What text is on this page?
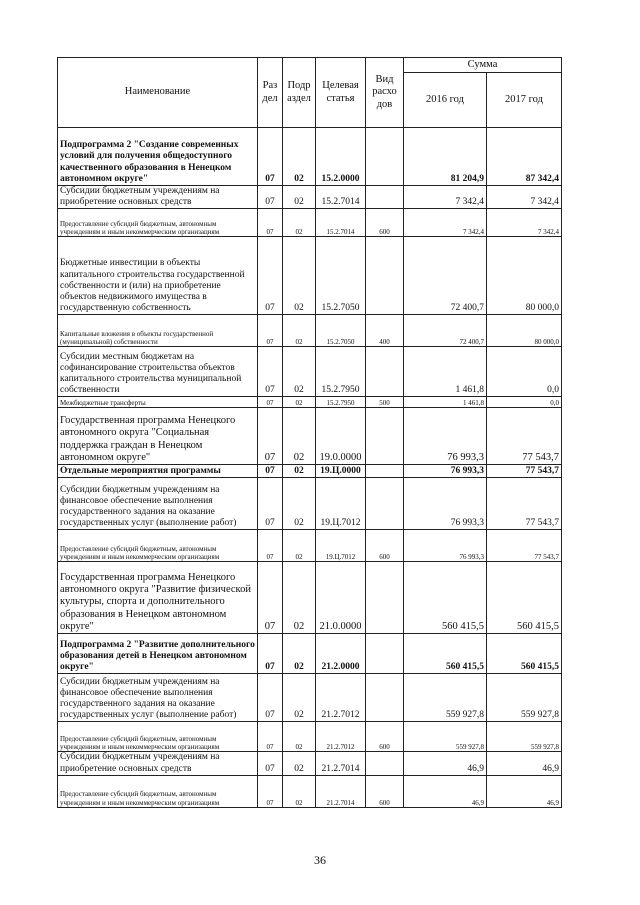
Наименование	Раз дел	Подр аздел	Целевая статья	Вид расхо дов	Сумма	
					2016 год	2017 год
Подпрограмма 2 "Создание современных условий для получения общедоступного качественного образования в Ненецком автономном округе"	07	02	15.2.0000		81 204,9	87 342,4
Субсидии бюджетным учреждениям на приобретение основных средств	07	02	15.2.7014		7 342,4	7 342,4
Предоставление субсидий бюджетным, автономным учреждениям и иным некоммерческим организациям	07	02	15.2.7014	600	7 342,4	7 342,4
Бюджетные инвестиции в объекты капитального строительства государственной собственности и (или) на приобретение объектов недвижимого имущества в государственную собственность	07	02	15.2.7050		72 400,7	80 000,0
Капитальные вложения в объекты государственной (муниципальной) собственности	07	02	15.2.7050	400	72 400,7	80 000,0
Субсидии местным бюджетам на софинансирование строительства объектов капитального строительства муниципальной собственности	07	02	15.2.7950		1 461,8	0,0
Межбюджетные трансферты	07	02	15.2.7950	500	1 461,8	0,0
Государственная программа Ненецкого автономного округа "Социальная поддержка граждан в Ненецком автономном округе"	07	02	19.0.0000		76 993,3	77 543,7
Отдельные мероприятия программы	07	02	19.Ц.0000		76 993,3	77 543,7
Субсидии бюджетным учреждениям на финансовое обеспечение выполнения государственного задания на оказание государственных услуг (выполнение работ)	07	02	19.Ц.7012		76 993,3	77 543,7
Предоставление субсидий бюджетным, автономным учреждениям и иным некоммерческим организациям	07	02	19.Ц.7012	600	76 993,3	77 543,7
Государственная программа Ненецкого автономного округа "Развитие физической культуры, спорта и дополнительного образования в Ненецком автономном округе"	07	02	21.0.0000		560 415,5	560 415,5
Подпрограмма 2 "Развитие дополнительного образования детей в Ненецком автономном округе"	07	02	21.2.0000		560 415,5	560 415,5
Субсидии бюджетным учреждениям на финансовое обеспечение выполнения государственного задания на оказание государственных услуг (выполнение работ)	07	02	21.2.7012		559 927,8	559 927,8
Предоставление субсидий бюджетным, автономным учреждениям и иным некоммерческим организациям	07	02	21.2.7012	600	559 927,8	559 927,8
Субсидии бюджетным учреждениям на приобретение основных средств	07	02	21.2.7014		46,9	46,9
Предоставление субсидий бюджетным, автономным учреждениям и иным некоммерческим организациям	07	02	21.2.7014	600	46,9	46,9
36
